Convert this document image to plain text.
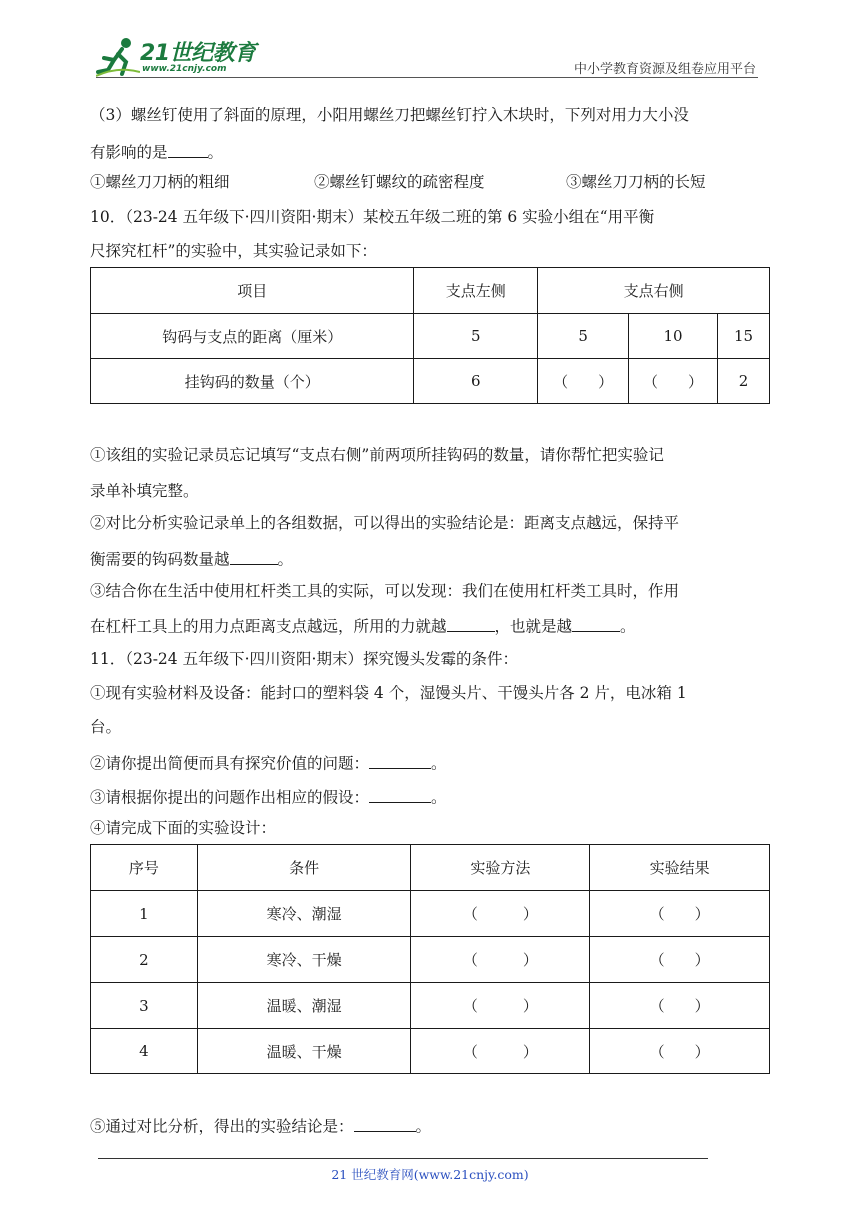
21世纪教育
www.21cnjy.com	中小学教育资源及组卷应用平台
（3）螺丝钉使用了斜面的原理，小阳用螺丝刀把螺丝钉拧入木块时，下列对用力大小没
有影响的是	。
①螺丝刀刀柄的粗细	②螺丝钉螺纹的疏密程度	③螺丝刀刀柄的长短
10．（23-24 五年级下·四川资阳·期末）某校五年级二班的第 6 实验小组在“用平衡
尺探究杠杆”的实验中，其实验记录如下：
项目	支点左侧	支点右侧		
钩码与支点的距离（厘米）	5	5	10	15
挂钩码的数量（个）	6	（　　）	（　　）	2
①该组的实验记录员忘记填写“支点右侧”前两项所挂钩码的数量，请你帮忙把实验记
录单补填完整。
②对比分析实验记录单上的各组数据，可以得出的实验结论是：距离支点越远，保持平
衡需要的钩码数量越	。
③结合你在生活中使用杠杆类工具的实际，可以发现：我们在使用杠杆类工具时，作用
在杠杆工具上的用力点距离支点越远，所用的力就越	，也就是越	。
11．（23-24 五年级下·四川资阳·期末）探究馒头发霉的条件：
①现有实验材料及设备：能封口的塑料袋 4 个，湿馒头片、干馒头片各 2 片，电冰箱 1
台。
②请你提出简便而具有探究价值的问题：	。
③请根据你提出的问题作出相应的假设：	。
④请完成下面的实验设计：
序号	条件	实验方法	实验结果
1	寒冷、潮湿	（　　　）	（　　）
2	寒冷、干燥	（　　　）	（　　）
3	温暖、潮湿	（　　　）	（　　）
4	温暖、干燥	（　　　）	（　　）
⑤通过对比分析，得出的实验结论是：	。
21 世纪教育网(www.21cnjy.com)
